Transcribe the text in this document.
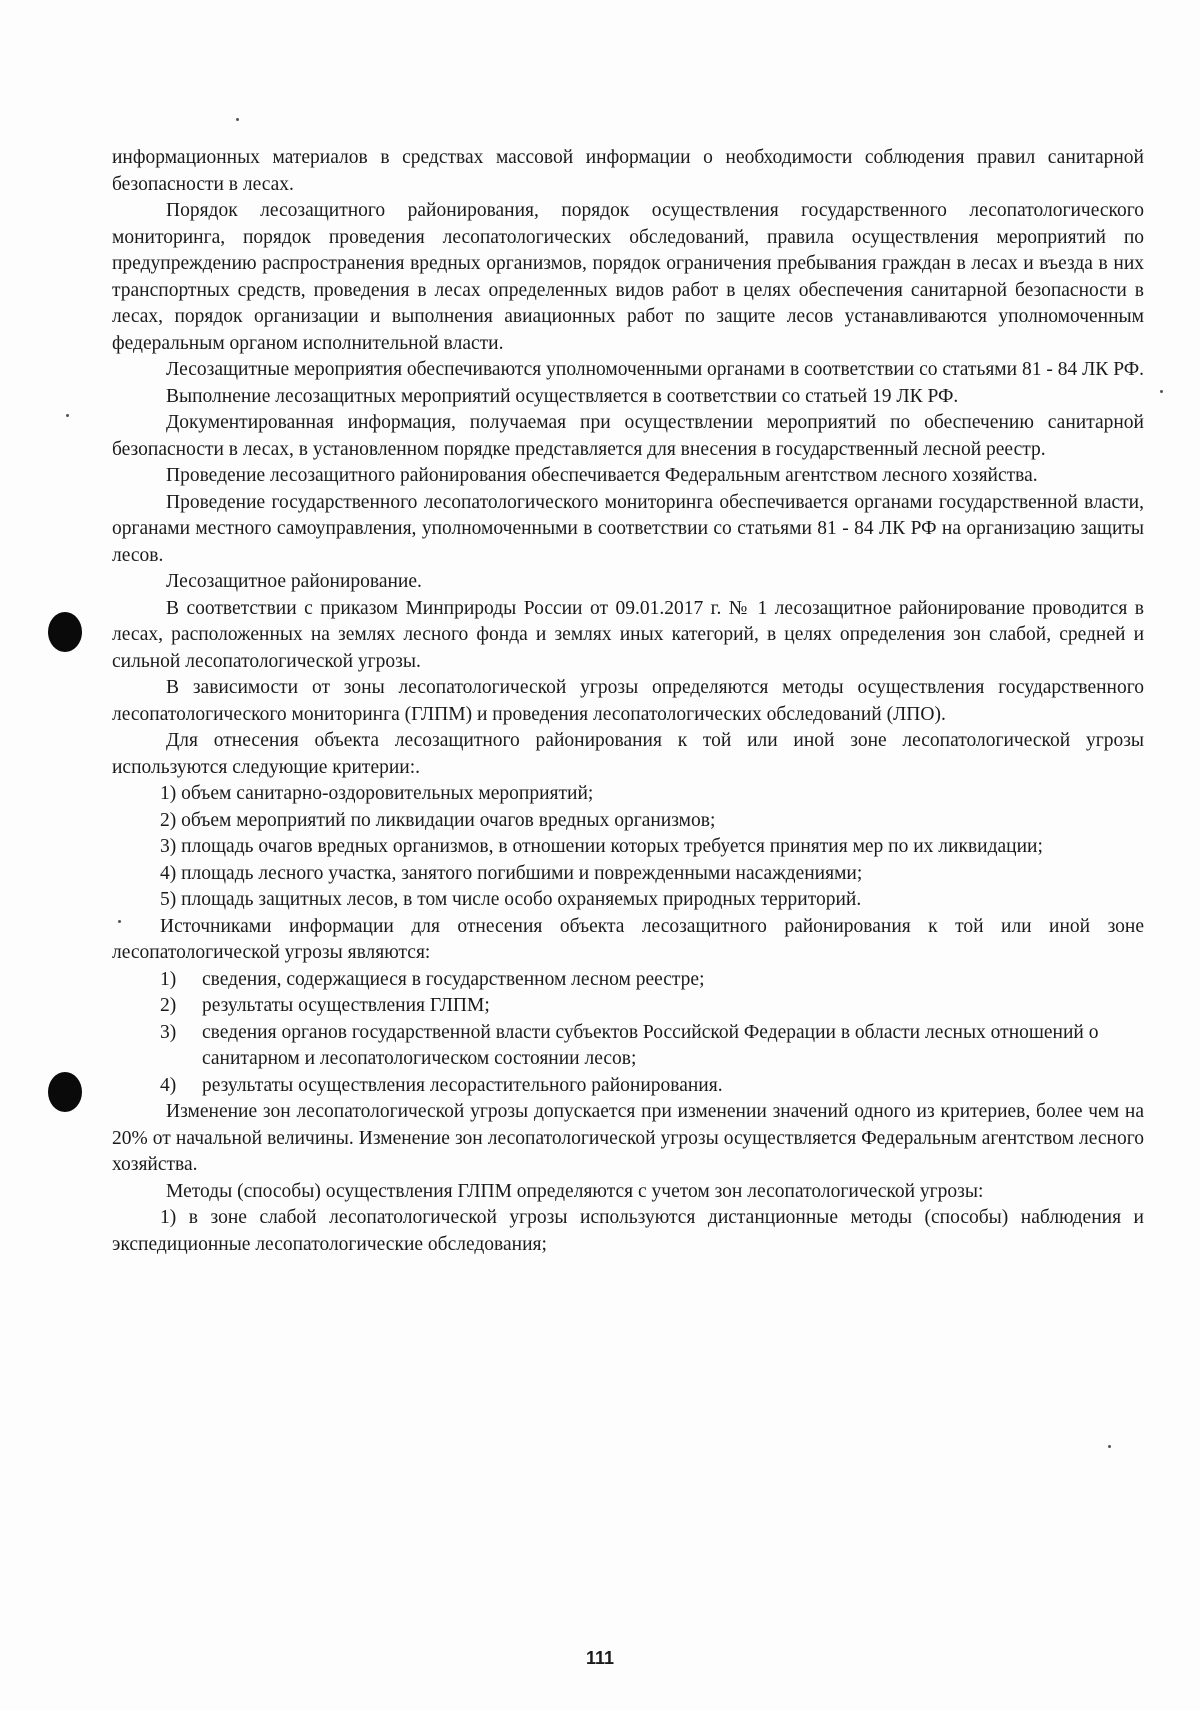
информационных материалов в средствах массовой информации о необходимости соблюдения правил санитарной безопасности в лесах.

Порядок лесозащитного районирования, порядок осуществления государственного лесопатологического мониторинга, порядок проведения лесопатологических обследований, правила осуществления мероприятий по предупреждению распространения вредных организмов, порядок ограничения пребывания граждан в лесах и въезда в них транспортных средств, проведения в лесах определенных видов работ в целях обеспечения санитарной безопасности в лесах, порядок организации и выполнения авиационных работ по защите лесов устанавливаются уполномоченным федеральным органом исполнительной власти.

Лесозащитные мероприятия обеспечиваются уполномоченными органами в соответствии со статьями 81 - 84 ЛК РФ.

Выполнение лесозащитных мероприятий осуществляется в соответствии со статьей 19 ЛК РФ.

Документированная информация, получаемая при осуществлении мероприятий по обеспечению санитарной безопасности в лесах, в установленном порядке представляется для внесения в государственный лесной реестр.

Проведение лесозащитного районирования обеспечивается Федеральным агентством лесного хозяйства.

Проведение государственного лесопатологического мониторинга обеспечивается органами государственной власти, органами местного самоуправления, уполномоченными в соответствии со статьями 81 - 84 ЛК РФ на организацию защиты лесов.

Лесозащитное районирование.

В соответствии с приказом Минприроды России от 09.01.2017 г. № 1 лесозащитное районирование проводится в лесах, расположенных на землях лесного фонда и землях иных категорий, в целях определения зон слабой, средней и сильной лесопатологической угрозы.

В зависимости от зоны лесопатологической угрозы определяются методы осуществления государственного лесопатологического мониторинга (ГЛПМ) и проведения лесопатологических обследований (ЛПО).

Для отнесения объекта лесозащитного районирования к той или иной зоне лесопатологической угрозы используются следующие критерии:.

1) объем санитарно-оздоровительных мероприятий;

2) объем мероприятий по ликвидации очагов вредных организмов;

3) площадь очагов вредных организмов, в отношении которых требуется принятия мер по их ликвидации;

4) площадь лесного участка, занятого погибшими и поврежденными насаждениями;

5) площадь защитных лесов, в том числе особо охраняемых природных территорий.

Источниками информации для отнесения объекта лесозащитного районирования к той или иной зоне лесопатологической угрозы являются:

1) сведения, содержащиеся в государственном лесном реестре;
2) результаты осуществления ГЛПМ;
3) сведения органов государственной власти субъектов Российской Федерации в области лесных отношений о санитарном и лесопатологическом состоянии лесов;
4) результаты осуществления лесорастительного районирования.

Изменение зон лесопатологической угрозы допускается при изменении значений одного из критериев, более чем на 20% от начальной величины. Изменение зон лесопатологической угрозы осуществляется Федеральным агентством лесного хозяйства.

Методы (способы) осуществления ГЛПМ определяются с учетом зон лесопатологической угрозы:

1) в зоне слабой лесопатологической угрозы используются дистанционные методы (способы) наблюдения и экспедиционные лесопатологические обследования;

111
